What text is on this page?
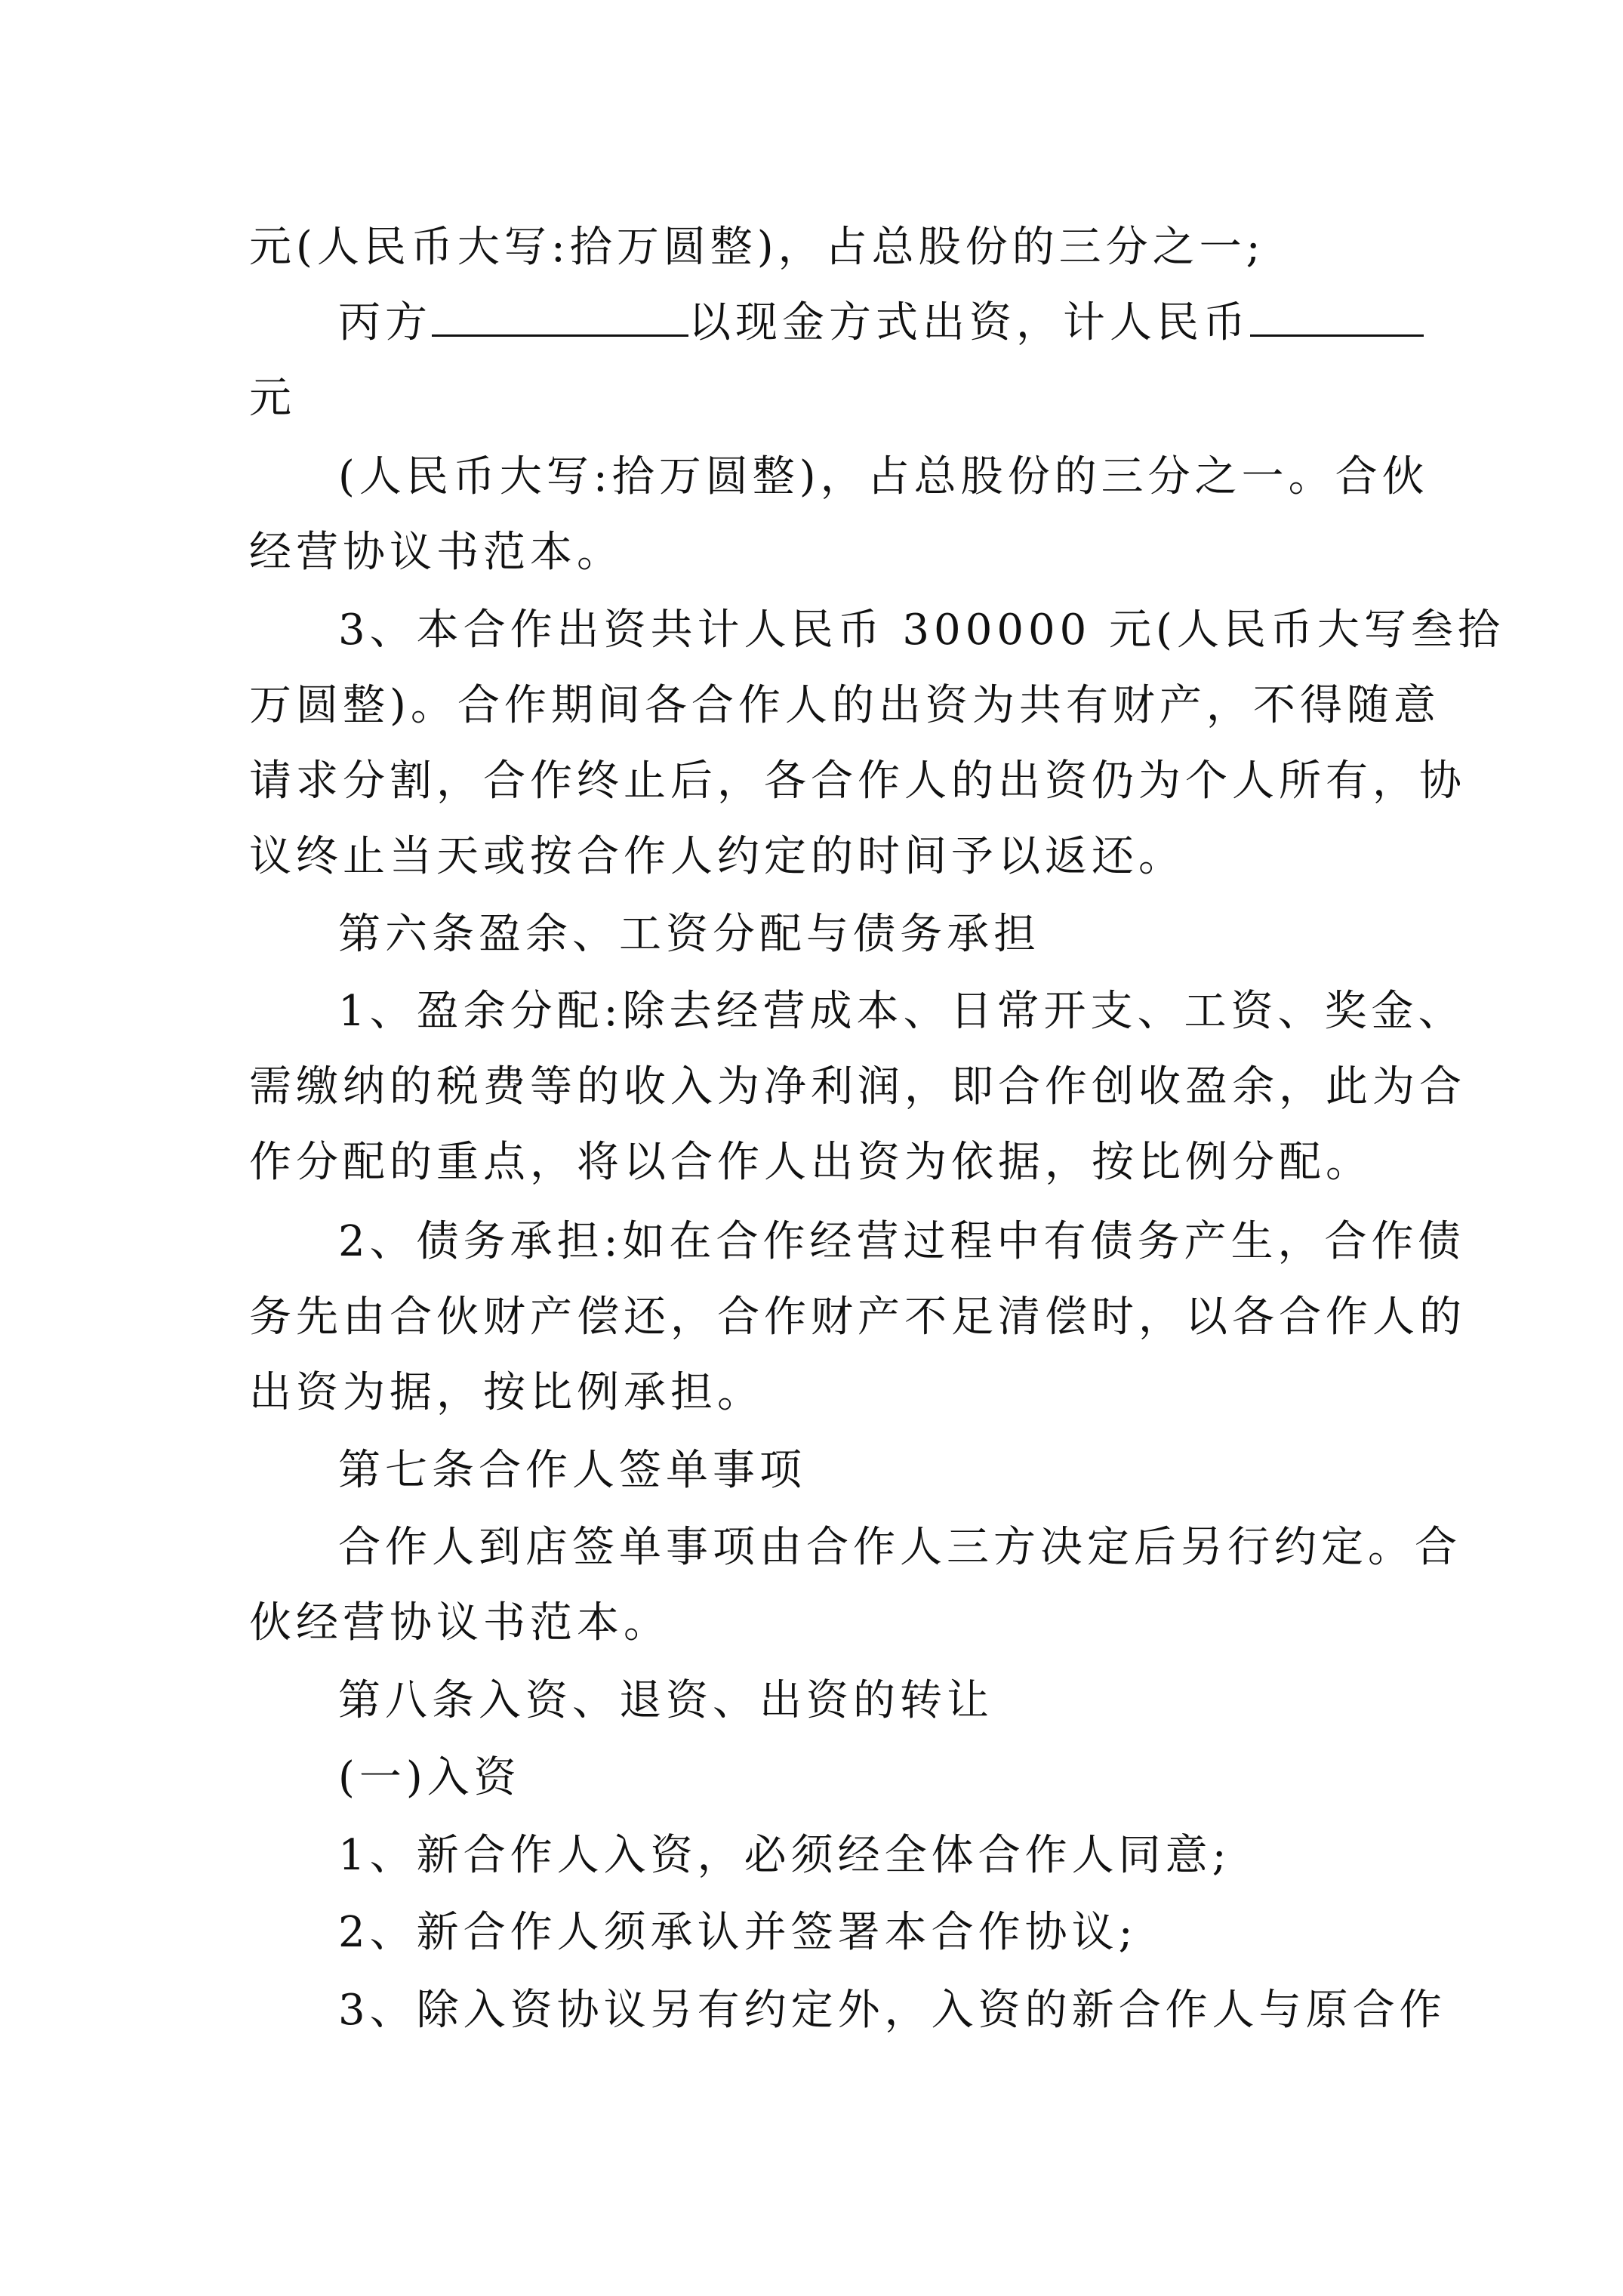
元(人民币大写:拾万圆整)，占总股份的三分之一;
丙方	以现金方式出资，计人民币
元
(人民币大写:拾万圆整)，占总股份的三分之一。合伙
经营协议书范本。
3、本合作出资共计人民币 300000 元(人民币大写叁拾
万圆整)。合作期间各合作人的出资为共有财产，不得随意
请求分割，合作终止后，各合作人的出资仍为个人所有，协
议终止当天或按合作人约定的时间予以返还。
第六条盈余、工资分配与债务承担
1、盈余分配:除去经营成本、日常开支、工资、奖金、
需缴纳的税费等的收入为净利润，即合作创收盈余，此为合
作分配的重点，将以合作人出资为依据，按比例分配。
2、债务承担:如在合作经营过程中有债务产生，合作债
务先由合伙财产偿还，合作财产不足清偿时，以各合作人的
出资为据，按比例承担。
第七条合作人签单事项
合作人到店签单事项由合作人三方决定后另行约定。合
伙经营协议书范本。
第八条入资、退资、出资的转让
(一)入资
1、新合作人入资，必须经全体合作人同意;
2、新合作人须承认并签署本合作协议;
3、除入资协议另有约定外，入资的新合作人与原合作
